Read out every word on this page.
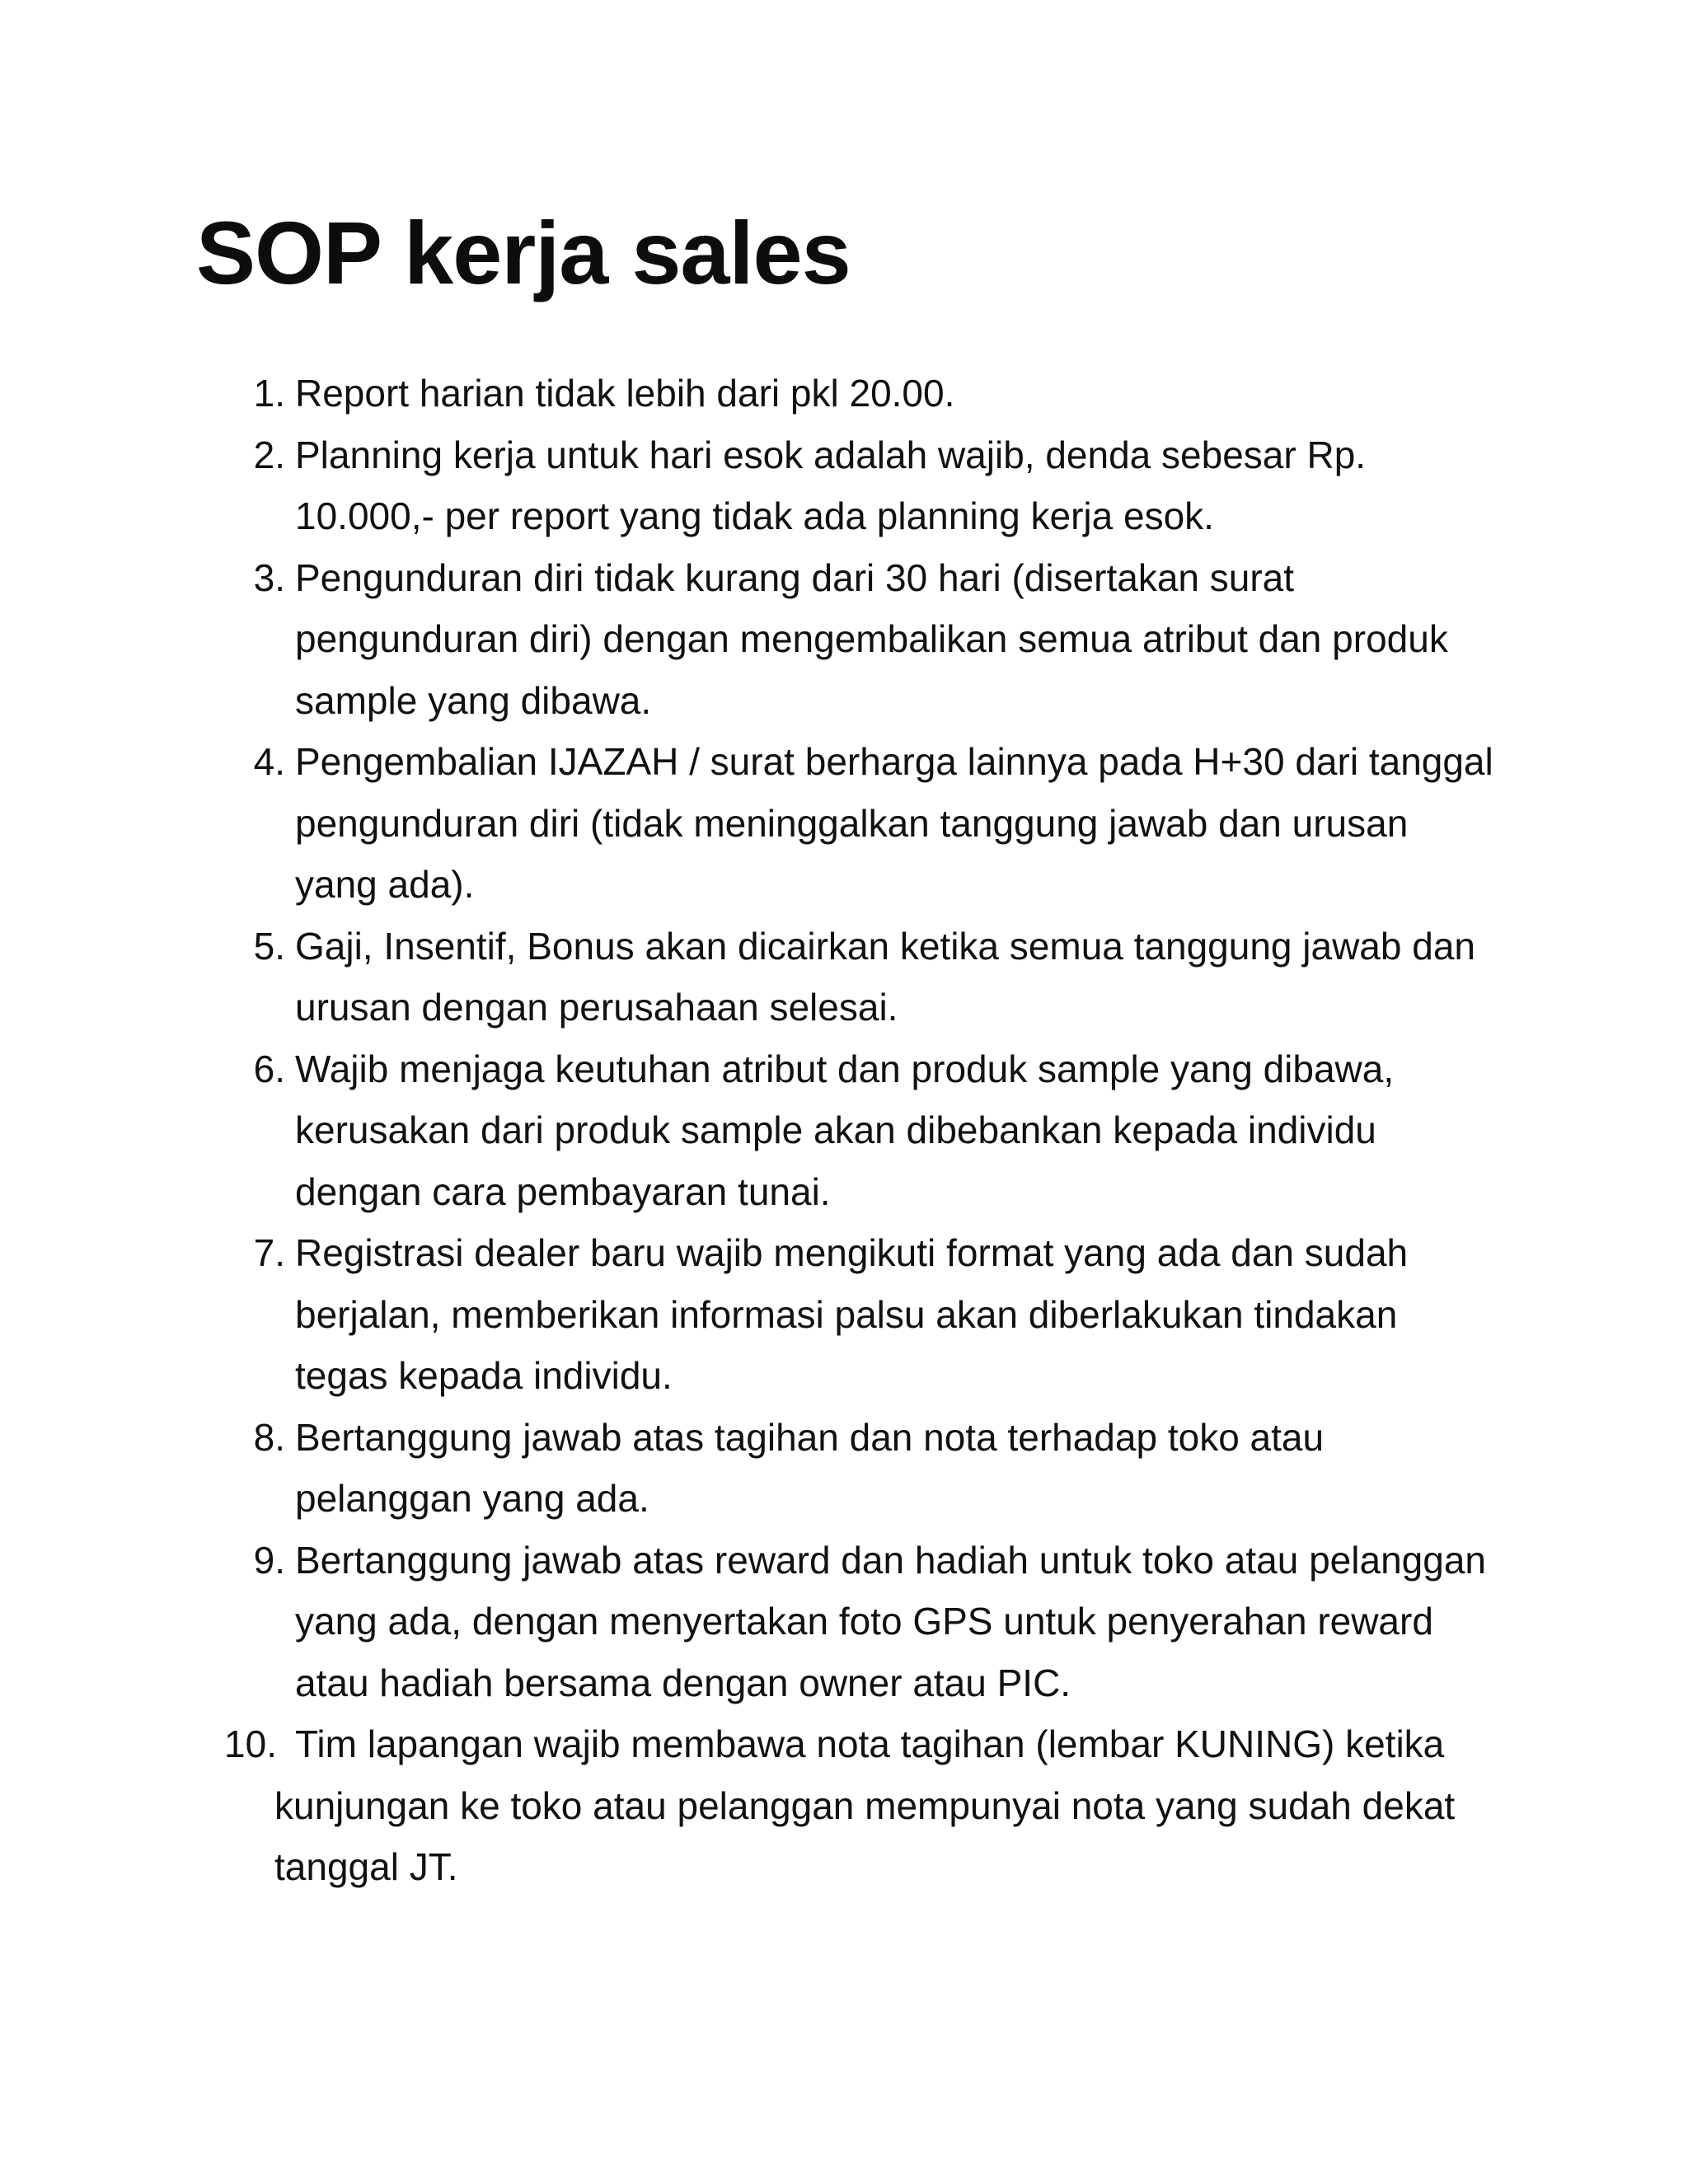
SOP kerja sales
1. Report harian tidak lebih dari pkl 20.00.
2. Planning kerja untuk hari esok adalah wajib, denda sebesar Rp. 10.000,- per report yang tidak ada planning kerja esok.
3. Pengunduran diri tidak kurang dari 30 hari (disertakan surat pengunduran diri) dengan mengembalikan semua atribut dan produk sample yang dibawa.
4. Pengembalian IJAZAH / surat berharga lainnya pada H+30 dari tanggal pengunduran diri (tidak meninggalkan tanggung jawab dan urusan yang ada).
5. Gaji, Insentif, Bonus akan dicairkan ketika semua tanggung jawab dan urusan dengan perusahaan selesai.
6. Wajib menjaga keutuhan atribut dan produk sample yang dibawa, kerusakan dari produk sample akan dibebankan kepada individu dengan cara pembayaran tunai.
7. Registrasi dealer baru wajib mengikuti format yang ada dan sudah berjalan, memberikan informasi palsu akan diberlakukan tindakan tegas kepada individu.
8. Bertanggung jawab atas tagihan dan nota terhadap toko atau pelanggan yang ada.
9. Bertanggung jawab atas reward dan hadiah untuk toko atau pelanggan yang ada, dengan menyertakan foto GPS untuk penyerahan reward atau hadiah bersama dengan owner atau PIC.
10. Tim lapangan wajib membawa nota tagihan (lembar KUNING) ketika kunjungan ke toko atau pelanggan mempunyai nota yang sudah dekat tanggal JT.
